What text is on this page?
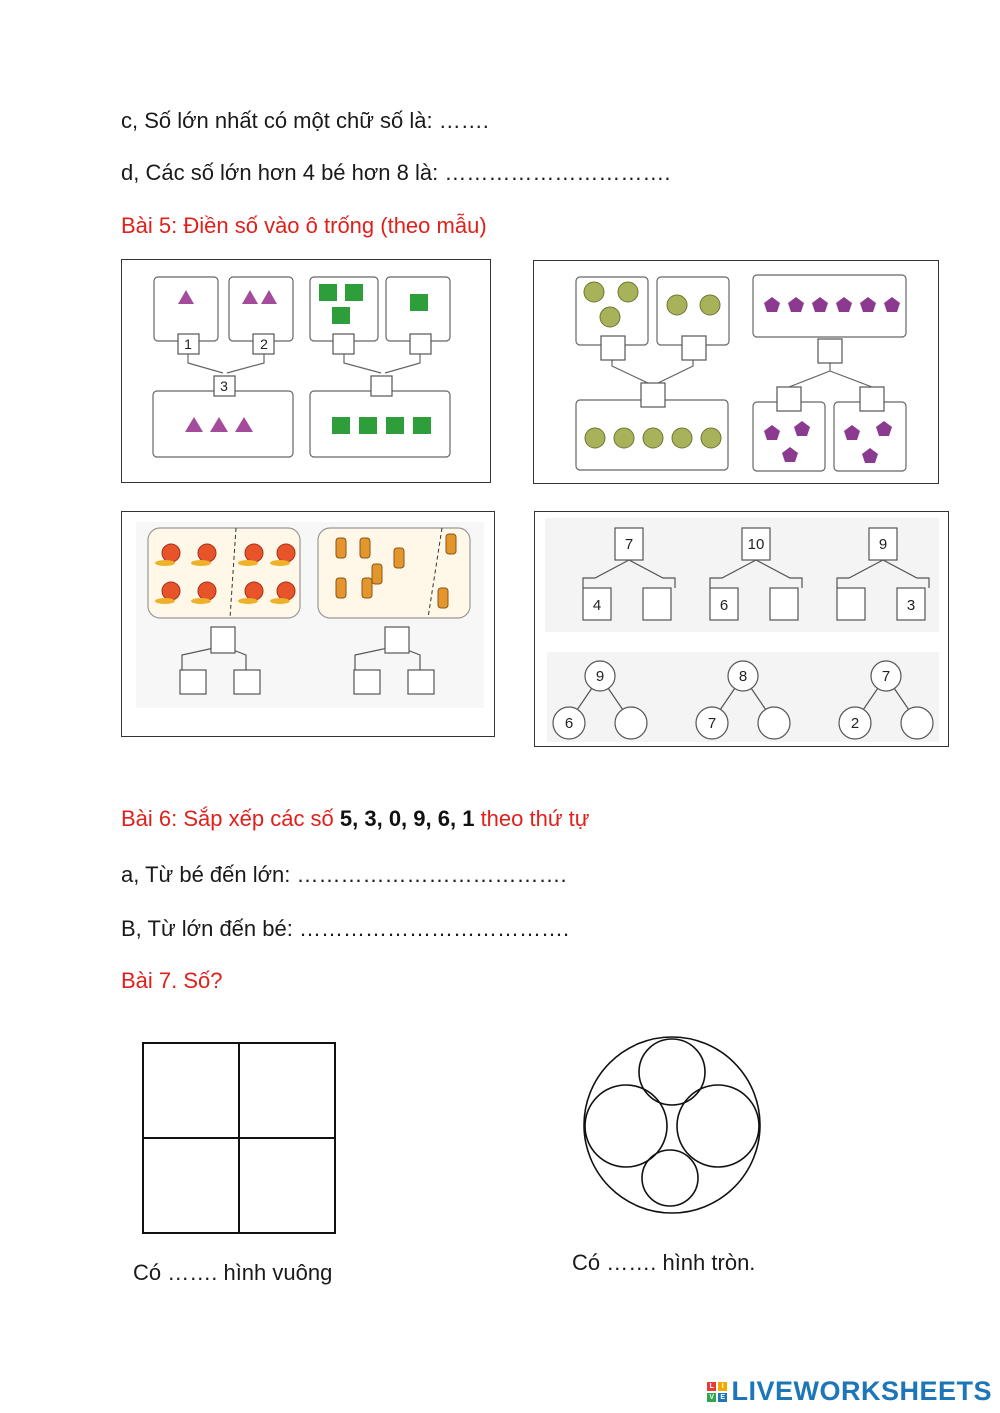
c, Số lớn nhất có một chữ số là: …….
d, Các số lớn hơn 4 bé hơn 8 là: ………………………….
Bài 5: Điền số vào ô trống (theo mẫu)
1	2
3
7	10	9
4	6	3
9	8	7
6	7	2
Bài 6: Sắp xếp các số 5, 3, 0, 9, 6, 1 theo thứ tự
a, Từ bé đến lớn: ……………………………….
B, Từ lớn đến bé: ……………………………….
Bài 7. Số?
Có ……. hình vuông	Có ……. hình tròn.
L	I
V E LIVEWORKSHEETS
